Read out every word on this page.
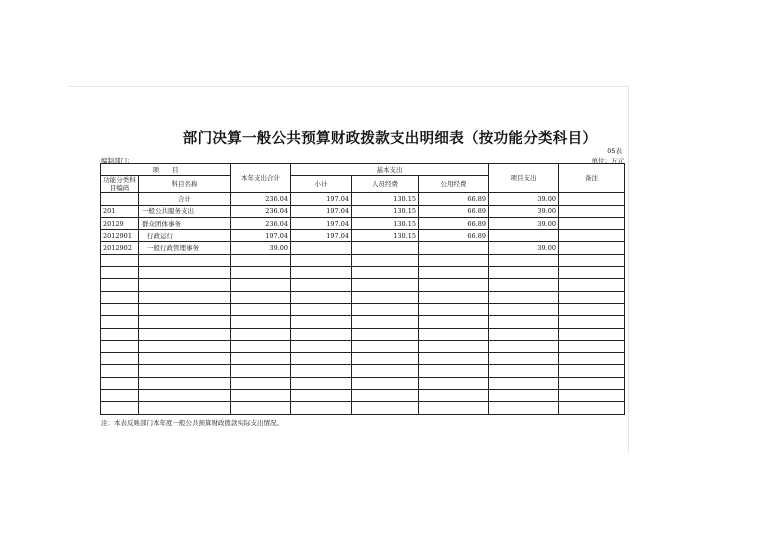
部门决算一般公共预算财政拨款支出明细表（按功能分类科目）
05表
编制部门：	单位：万元
项　　目		本年支出合计	基本支出			项目支出	备注
功能分类科目编码	科目名称		小计	人员经费	公用经费		
	合计	236.04	197.04	130.15	66.89	39.00	
201	一般公共服务支出	236.04	197.04	130.15	66.89	39.00	
20129	群众团体事务	236.04	197.04	130.15	66.89	39.00	
2012901	行政运行	197.04	197.04	130.15	66.89		
2012902	一般行政管理事务	39.00				39.00	

注：本表反映部门本年度一般公共预算财政拨款实际支出情况。
